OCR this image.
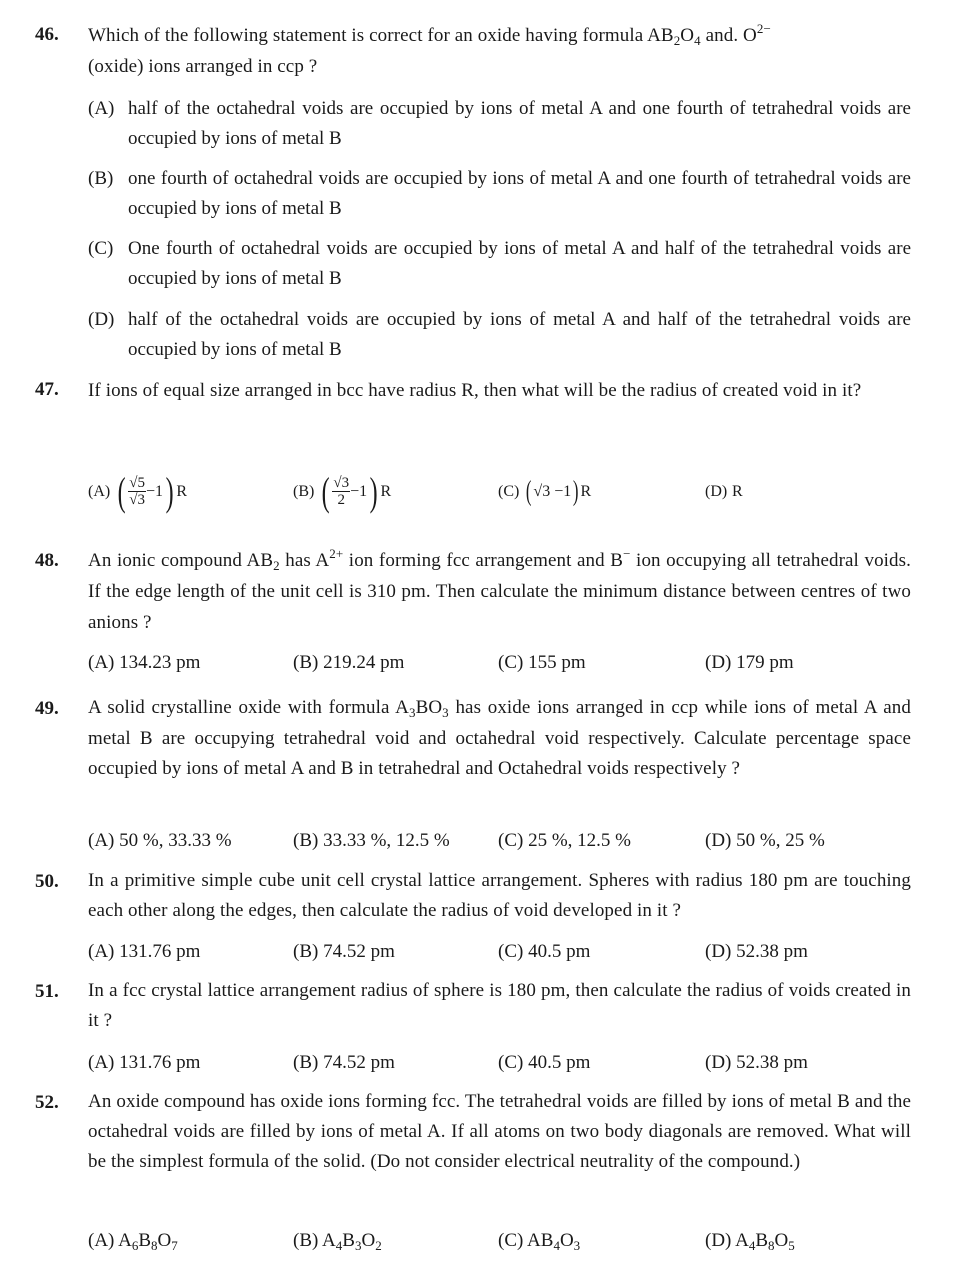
46. Which of the following statement is correct for an oxide having formula $AB_2O_4$ and. $O^{2-}$
(oxide) ions arranged in ccp ?
(A) half of the octahedral voids are occupied by ions of metal A and one fourth of tetrahedral voids are occupied by ions of metal B
(B) one fourth of octahedral voids are occupied by ions of metal A and one fourth of tetrahedral voids are occupied by ions of metal B
(C) One fourth of octahedral voids are occupied by ions of metal A and half of the tetrahedral voids are occupied by ions of metal B
(D) half of the octahedral voids are occupied by ions of metal A and half of the tetrahedral voids are occupied by ions of metal B
47. If ions of equal size arranged in bcc have radius R, then what will be the radius of created void in it?
(A) ( $\frac{√5}{√3} -1$) R	(B) ( $\frac{√3}{2} -1$) R	(C) ( √3 −1) R	(D) R
48. An ionic compound $AB_2$ has $A^{2+}$ ion forming fcc arrangement and B− ion occupying all tetrahedral voids. If the edge length of the unit cell is 310 pm. Then calculate the minimum distance between centres of two anions ?
(A) 134.23 pm	(B) 219.24 pm	(C) 155 pm	(D) 179 pm
49. A solid crystalline oxide with formula $A_3BO_3$ has oxide ions arranged in ccp while ions of metal A and metal B are occupying tetrahedral void and octahedral void respectively. Calculate percentage space occupied by ions of metal A and B in tetrahedral and Octahedral voids respectively ?
(A) 50 %, 33.33 %	(B) 33.33 %, 12.5 %	(C) 25 %, 12.5 %	(D) 50 %, 25 %
50. In a primitive simple cube unit cell crystal lattice arrangement. Spheres with radius 180 pm are touching each other along the edges, then calculate the radius of void developed in it ?
(A) 131.76 pm	(B) 74.52 pm	(C) 40.5 pm	(D) 52.38 pm
51. In a fcc crystal lattice arrangement radius of sphere is 180 pm, then calculate the radius of voids created in it ?
(A) 131.76 pm	(B) 74.52 pm	(C) 40.5 pm	(D) 52.38 pm
52. An oxide compound has oxide ions forming fcc. The tetrahedral voids are filled by ions of metal B and the octahedral voids are filled by ions of metal A. If all atoms on two body diagonals are removed. What will be the simplest formula of the solid. (Do not consider electrical neutrality of the compound.)
(A) $A_6B_8O_7$	(B) $A_4B_3O_2$	(C) $AB_4O_3$	(D) $A_4B_8O_5$
